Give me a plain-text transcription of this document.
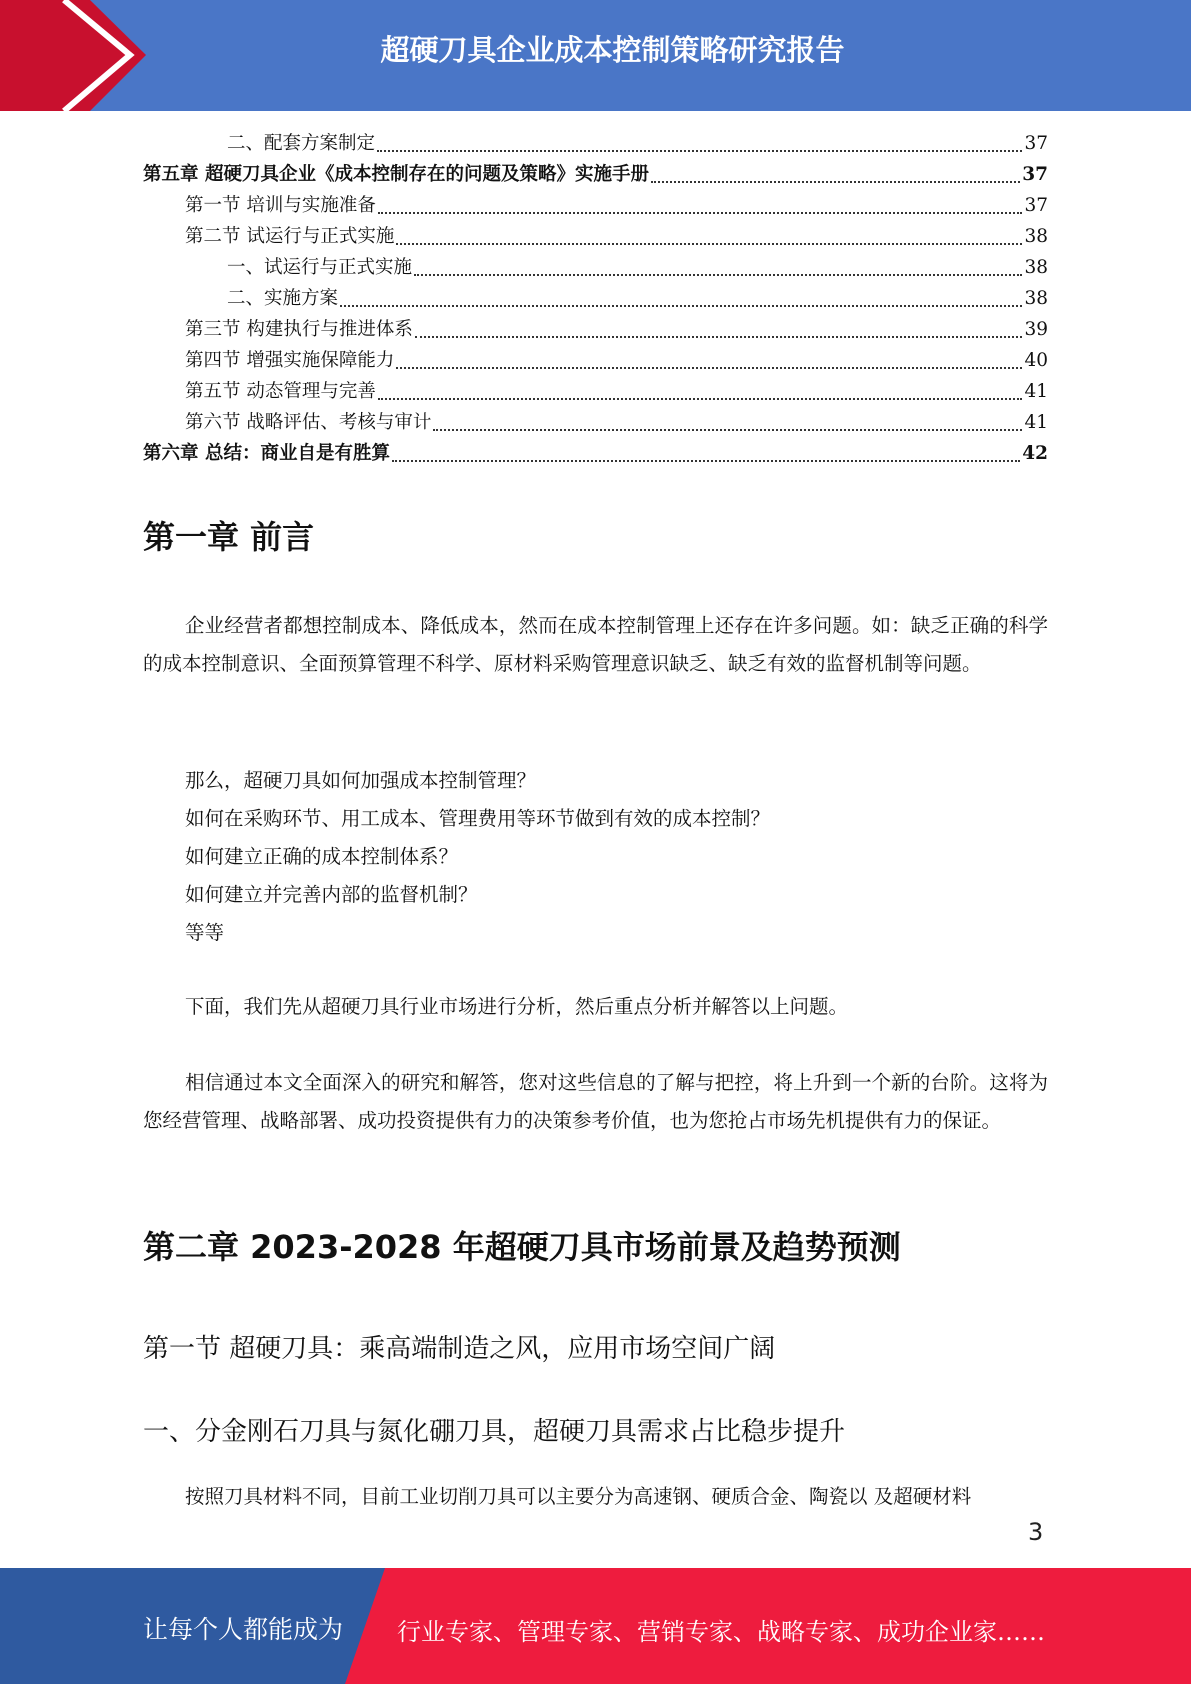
超硬刀具企业成本控制策略研究报告
二、配套方案制定	37
第五章 超硬刀具企业《成本控制存在的问题及策略》实施手册	37
第一节 培训与实施准备	37
第二节 试运行与正式实施	38
一、试运行与正式实施	38
二、实施方案	38
第三节 构建执行与推进体系	39
第四节 增强实施保障能力	40
第五节 动态管理与完善	41
第六节 战略评估、考核与审计	41
第六章 总结：商业自是有胜算	42
第一章 前言
企业经营者都想控制成本、降低成本，然而在成本控制管理上还存在许多问题。如：缺乏正确的科学的成本控制意识、全面预算管理不科学、原材料采购管理意识缺乏、缺乏有效的监督机制等问题。
那么，超硬刀具如何加强成本控制管理？
如何在采购环节、用工成本、管理费用等环节做到有效的成本控制？
如何建立正确的成本控制体系？
如何建立并完善内部的监督机制？
等等
下面，我们先从超硬刀具行业市场进行分析，然后重点分析并解答以上问题。
相信通过本文全面深入的研究和解答，您对这些信息的了解与把控，将上升到一个新的台阶。这将为您经营管理、战略部署、成功投资提供有力的决策参考价值，也为您抢占市场先机提供有力的保证。
第二章 2023-2028 年超硬刀具市场前景及趋势预测
第一节 超硬刀具：乘高端制造之风，应用市场空间广阔
一、分金刚石刀具与氮化硼刀具，超硬刀具需求占比稳步提升
按照刀具材料不同，目前工业切削刀具可以主要分为高速钢、硬质合金、陶瓷以 及超硬材料
3
让每个人都能成为 行业专家、管理专家、营销专家、战略专家、成功企业家……
